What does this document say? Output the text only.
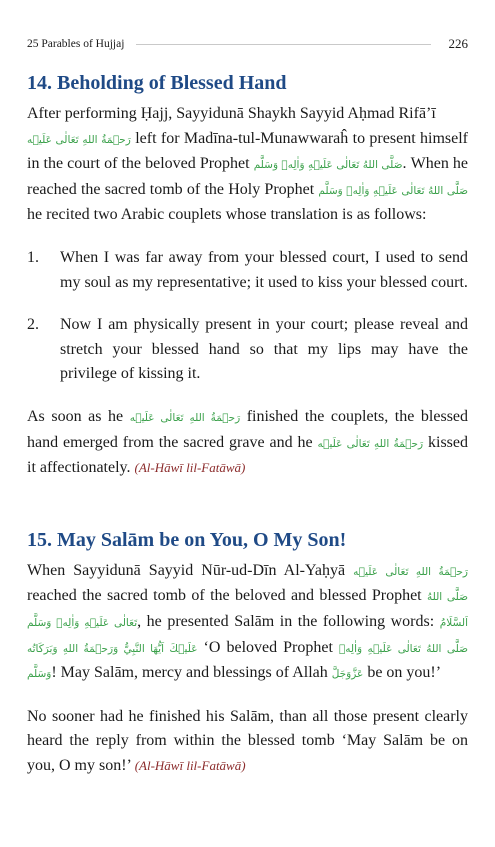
25 Parables of Hujjaj	226
14. Beholding of Blessed Hand

After performing Ḥajj, Sayyidunā Shaykh Sayyid Aḥmad Rifā’ī
رَحۡمَةُ اللهِ تَعَالٰی عَلَیۡه left for Madīna-tul-Munawwaraĥ to present himself in the court of the beloved Prophet صَلَّى اللهُ تَعَالٰى عَلَيۡهِ وَاٰلِهٖ وَسَلَّم. When he reached the sacred tomb of the Holy Prophet صَلَّى اللهُ تَعَالٰى عَلَيۡهِ وَاٰلِهٖ وَسَلَّم he recited two Arabic couplets whose translation is as follows:

1.	When I was far away from your blessed court, I used to send my soul as my representative; it used to kiss your blessed court.
2.	Now I am physically present in your court; please reveal and stretch your blessed hand so that my lips may have the privilege of kissing it.

As soon as he رَحۡمَةُ اللهِ تَعَالٰی عَلَیۡه finished the couplets, the blessed hand emerged from the sacred grave and he رَحۡمَةُ اللهِ تَعَالٰی عَلَیۡه kissed it affectionately. (Al-Hāwī lil-Fatāwā)

15. May Salām be on You, O My Son!

When Sayyidunā Sayyid Nūr-ud-Dīn Al-Yaḥyā رَحۡمَةُ اللهِ تَعَالٰی عَلَیۡه reached the sacred tomb of the beloved and blessed Prophet صَلَّى اللهُ تَعَالٰى عَلَيۡهِ وَاٰلِهٖ وَسَلَّم, he presented Salām in the following words: اَلسَّلَامُ عَلَيۡكَ اَيُّهَا النَّبِيُّ وَرَحۡمَةُ اللهِ وَبَرَكَاتُه ‘O beloved Prophet صَلَّى اللهُ تَعَالٰى عَلَيۡهِ وَاٰلِهٖ وَسَلَّم! May Salām, mercy and blessings of Allah عَزَّوَجَلَّ be on you!’

No sooner had he finished his Salām, than all those present clearly heard the reply from within the blessed tomb ‘May Salām be on you, O my son!’ (Al-Hāwī lil-Fatāwā)
